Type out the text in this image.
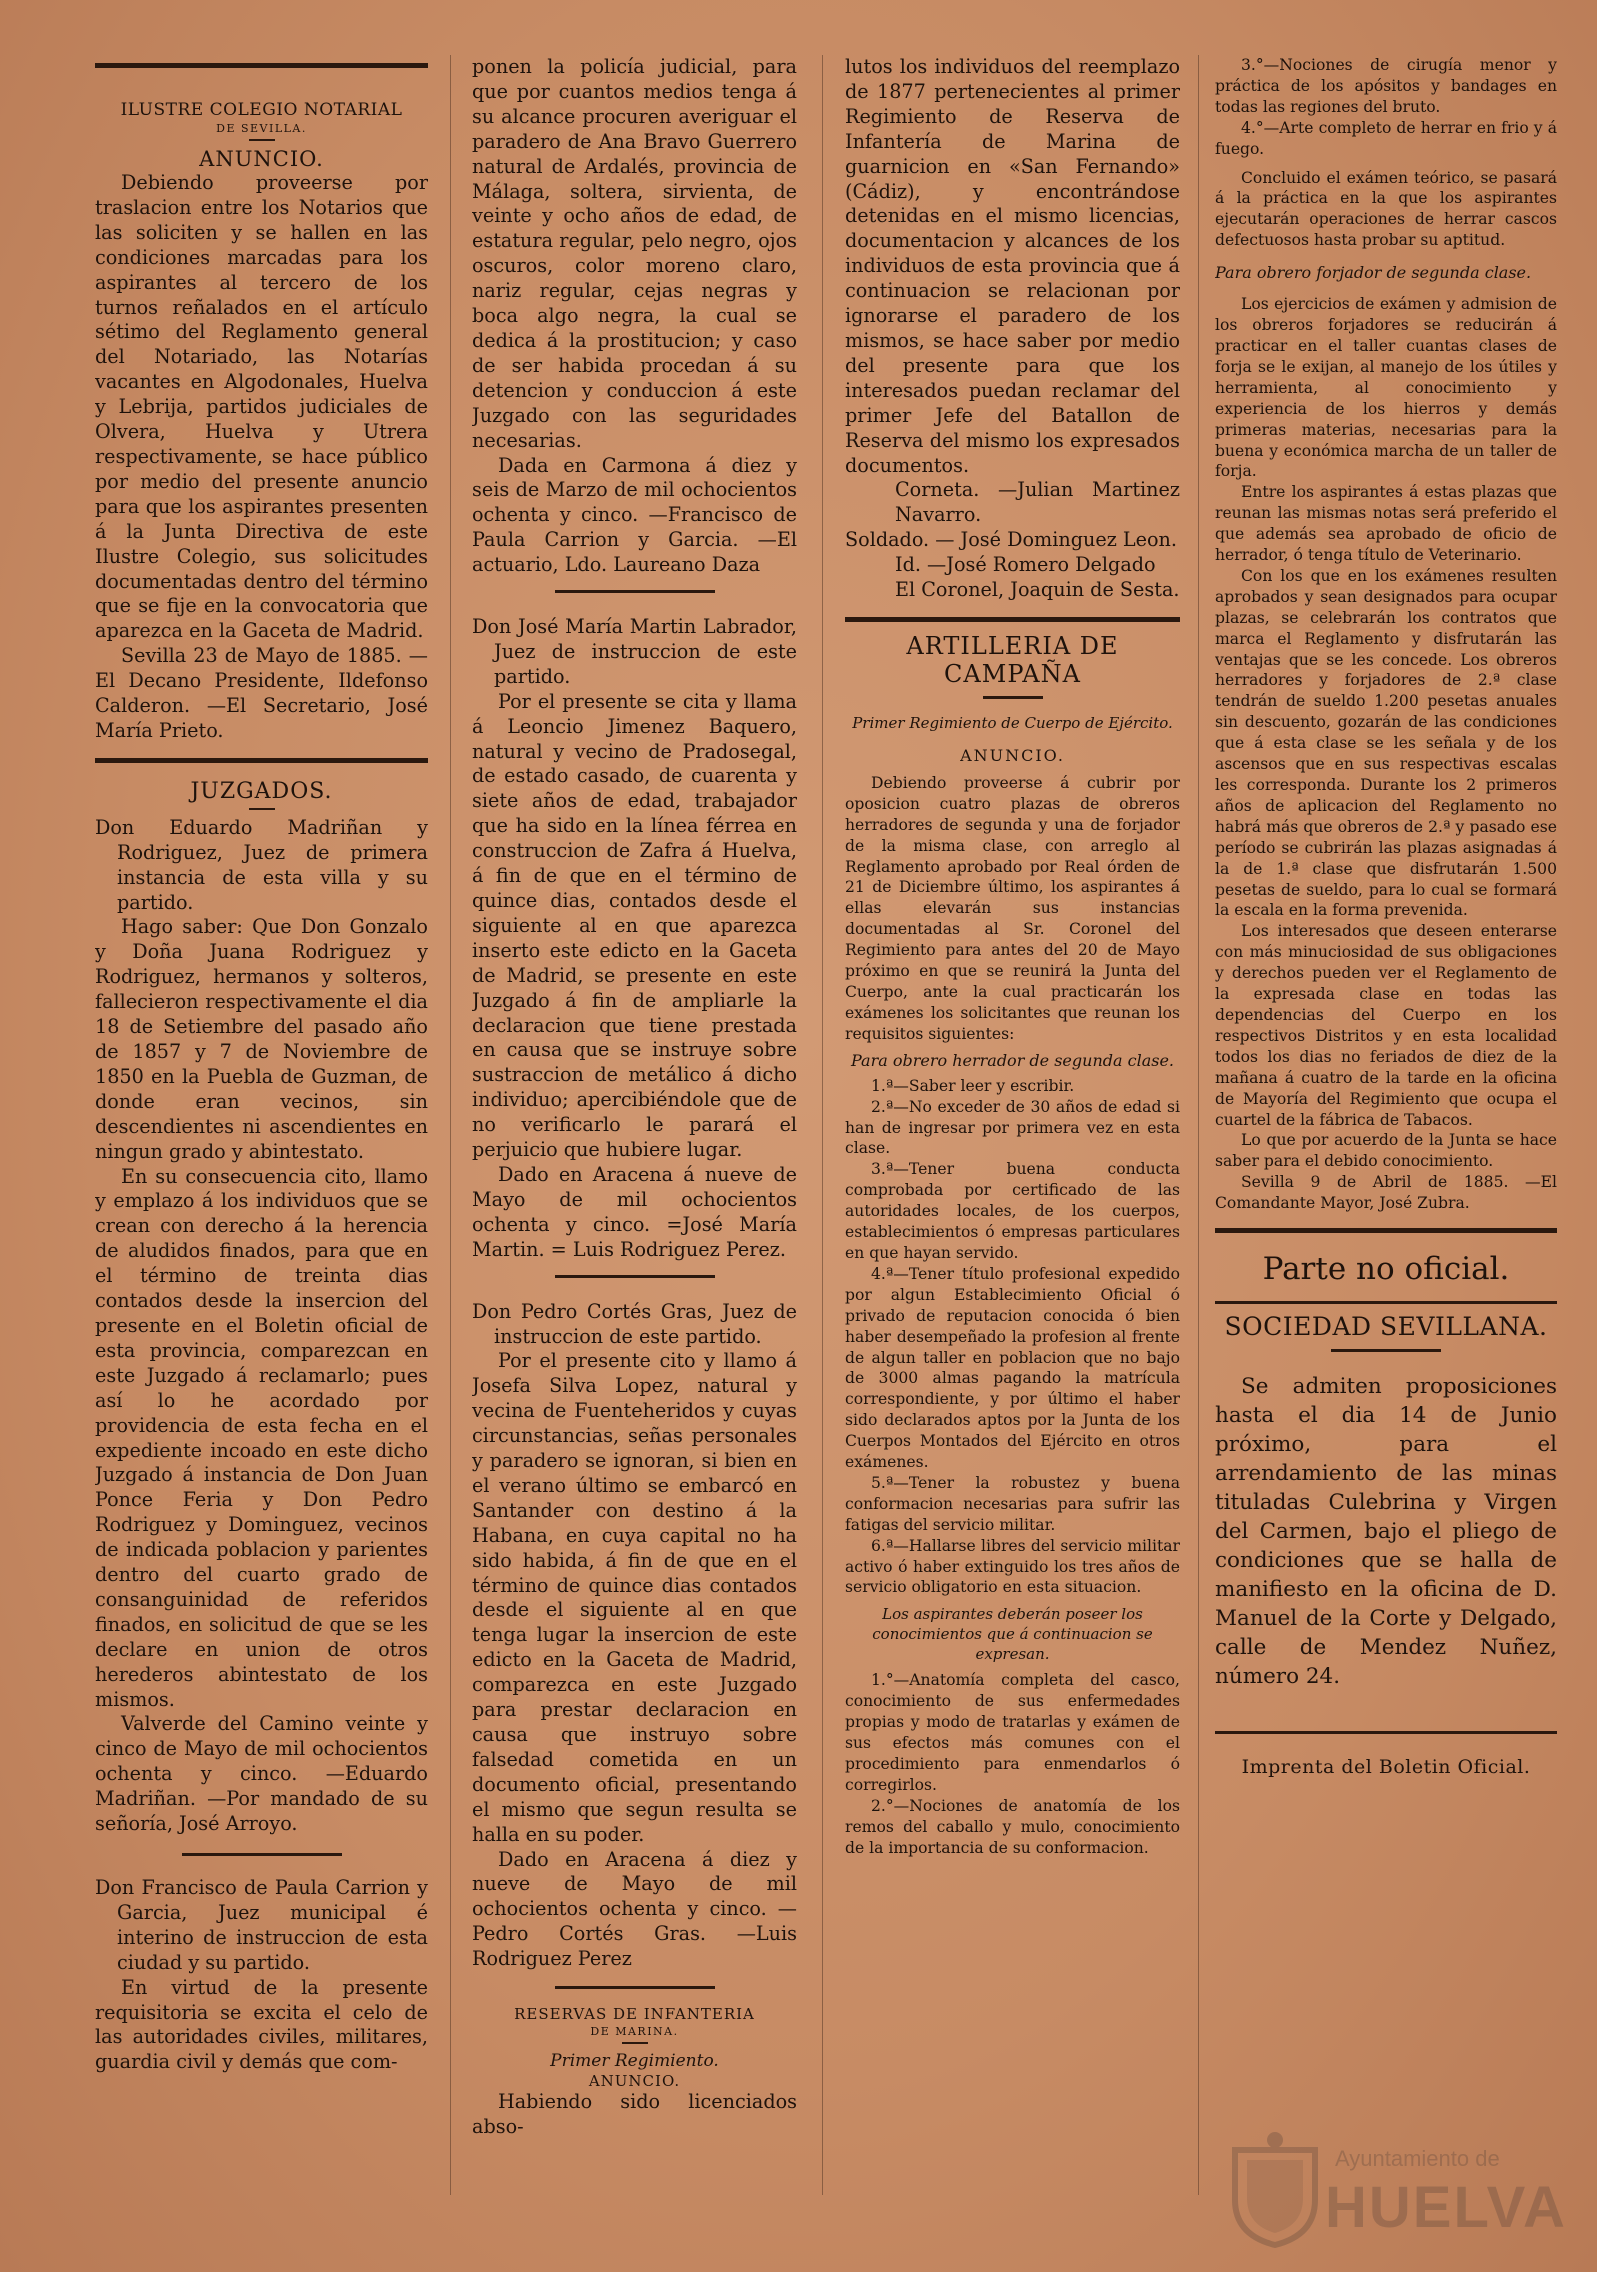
ILUSTRE COLEGIO NOTARIAL
DE SEVILLA.
ANUNCIO.

Debiendo proveerse por traslacion entre los Notarios que las soliciten y se hallen en las condiciones marcadas para los aspirantes al tercero de los turnos reñalados en el artículo sétimo del Reglamento general del Notariado, las Notarías vacantes en Algodonales, Huelva y Lebrija, partidos judiciales de Olvera, Huelva y Utrera respectivamente, se hace público por medio del presente anuncio para que los aspirantes presenten á la Junta Directiva de este Ilustre Colegio, sus solicitudes documentadas dentro del término que se fije en la convocatoria que aparezca en la Gaceta de Madrid.

Sevilla 23 de Mayo de 1885. —El Decano Presidente, Ildefonso Calderon. —El Secretario, José María Prieto.

JUZGADOS.

Don Eduardo Madriñan y Rodriguez, Juez de primera instancia de esta villa y su partido.

Hago saber: Que Don Gonzalo y Doña Juana Rodriguez y Rodriguez, hermanos y solteros, fallecieron respectivamente el dia 18 de Setiembre del pasado año de 1857 y 7 de Noviembre de 1850 en la Puebla de Guzman, de donde eran vecinos, sin descendientes ni ascendientes en ningun grado y abintestato.

En su consecuencia cito, llamo y emplazo á los individuos que se crean con derecho á la herencia de aludidos finados, para que en el término de treinta dias contados desde la insercion del presente en el Boletin oficial de esta provincia, comparezcan en este Juzgado á reclamarlo; pues así lo he acordado por providencia de esta fecha en el expediente incoado en este dicho Juzgado á instancia de Don Juan Ponce Feria y Don Pedro Rodriguez y Dominguez, vecinos de indicada poblacion y parientes dentro del cuarto grado de consanguinidad de referidos finados, en solicitud de que se les declare en union de otros herederos abintestato de los mismos.

Valverde del Camino veinte y cinco de Mayo de mil ochocientos ochenta y cinco. —Eduardo Madriñan. —Por mandado de su señoría, José Arroyo.

Don Francisco de Paula Carrion y Garcia, Juez municipal é interino de instruccion de esta ciudad y su partido.

En virtud de la presente requisitoria se excita el celo de las autoridades civiles, militares, guardia civil y demás que com-

ponen la policía judicial, para que por cuantos medios tenga á su alcance procuren averiguar el paradero de Ana Bravo Guerrero natural de Ardalés, provincia de Málaga, soltera, sirvienta, de veinte y ocho años de edad, de estatura regular, pelo negro, ojos oscuros, color moreno claro, nariz regular, cejas negras y boca algo negra, la cual se dedica á la prostitucion; y caso de ser habida procedan á su detencion y conduccion á este Juzgado con las seguridades necesarias.

Dada en Carmona á diez y seis de Marzo de mil ochocientos ochenta y cinco. —Francisco de Paula Carrion y Garcia. —El actuario, Ldo. Laureano Daza

Don José María Martin Labrador, Juez de instruccion de este partido.

Por el presente se cita y llama á Leoncio Jimenez Baquero, natural y vecino de Pradosegal, de estado casado, de cuarenta y siete años de edad, trabajador que ha sido en la línea férrea en construccion de Zafra á Huelva, á fin de que en el término de quince dias, contados desde el siguiente al en que aparezca inserto este edicto en la Gaceta de Madrid, se presente en este Juzgado á fin de ampliarle la declaracion que tiene prestada en causa que se instruye sobre sustraccion de metálico á dicho individuo; apercibiéndole que de no verificarlo le parará el perjuicio que hubiere lugar.

Dado en Aracena á nueve de Mayo de mil ochocientos ochenta y cinco. =José María Martin. = Luis Rodriguez Perez.

Don Pedro Cortés Gras, Juez de instruccion de este partido.

Por el presente cito y llamo á Josefa Silva Lopez, natural y vecina de Fuenteheridos y cuyas circunstancias, señas personales y paradero se ignoran, si bien en el verano último se embarcó en Santander con destino á la Habana, en cuya capital no ha sido habida, á fin de que en el término de quince dias contados desde el siguiente al en que tenga lugar la insercion de este edicto en la Gaceta de Madrid, comparezca en este Juzgado para prestar declaracion en causa que instruyo sobre falsedad cometida en un documento oficial, presentando el mismo que segun resulta se halla en su poder.

Dado en Aracena á diez y nueve de Mayo de mil ochocientos ochenta y cinco. —Pedro Cortés Gras. —Luis Rodriguez Perez

RESERVAS DE INFANTERIA
DE MARINA.
Primer Regimiento.
ANUNCIO.

Habiendo sido licenciados abso-

lutos los individuos del reemplazo de 1877 pertenecientes al primer Regimiento de Reserva de Infantería de Marina de guarnicion en «San Fernando» (Cádiz), y encontrándose detenidas en el mismo licencias, documentacion y alcances de los individuos de esta provincia que á continuacion se relacionan por ignorarse el paradero de los mismos, se hace saber por medio del presente para que los interesados puedan reclamar del primer Jefe del Batallon de Reserva del mismo los expresados documentos.

Corneta. —Julian Martinez Navarro.

Soldado. — José Dominguez Leon.

Id. —José Romero Delgado

El Coronel, Joaquin de Sesta.

ARTILLERIA DE CAMPAÑA
Primer Regimiento de Cuerpo de Ejército.
ANUNCIO.

Debiendo proveerse á cubrir por oposicion cuatro plazas de obreros herradores de segunda y una de forjador de la misma clase, con arreglo al Reglamento aprobado por Real órden de 21 de Diciembre último, los aspirantes á ellas elevarán sus instancias documentadas al Sr. Coronel del Regimiento para antes del 20 de Mayo próximo en que se reunirá la Junta del Cuerpo, ante la cual practicarán los exámenes los solicitantes que reunan los requisitos siguientes:

Para obrero herrador de segunda clase.

1.ª—Saber leer y escribir.

2.ª—No exceder de 30 años de edad si han de ingresar por primera vez en esta clase.

3.ª—Tener buena conducta comprobada por certificado de las autoridades locales, de los cuerpos, establecimientos ó empresas particulares en que hayan servido.

4.ª—Tener título profesional expedido por algun Establecimiento Oficial ó privado de reputacion conocida ó bien haber desempeñado la profesion al frente de algun taller en poblacion que no bajo de 3000 almas pagando la matrícula correspondiente, y por último el haber sido declarados aptos por la Junta de los Cuerpos Montados del Ejército en otros exámenes.

5.ª—Tener la robustez y buena conformacion necesarias para sufrir las fatigas del servicio militar.

6.ª—Hallarse libres del servicio militar activo ó haber extinguido los tres años de servicio obligatorio en esta situacion.

Los aspirantes deberán poseer los conocimientos que á continuacion se expresan.

1.°—Anatomía completa del casco, conocimiento de sus enfermedades propias y modo de tratarlas y exámen de sus efectos más comunes con el procedimiento para enmendarlos ó corregirlos.

2.°—Nociones de anatomía de los remos del caballo y mulo, conocimiento de la importancia de su conformacion.

3.°—Nociones de cirugía menor y práctica de los apósitos y bandages en todas las regiones del bruto.

4.°—Arte completo de herrar en frio y á fuego.

Concluido el exámen teórico, se pasará á la práctica en la que los aspirantes ejecutarán operaciones de herrar cascos defectuosos hasta probar su aptitud.

Para obrero forjador de segunda clase.

Los ejercicios de exámen y admision de los obreros forjadores se reducirán á practicar en el taller cuantas clases de forja se le exijan, al manejo de los útiles y herramienta, al conocimiento y experiencia de los hierros y demás primeras materias, necesarias para la buena y económica marcha de un taller de forja.

Entre los aspirantes á estas plazas que reunan las mismas notas será preferido el que además sea aprobado de oficio de herrador, ó tenga título de Veterinario.

Con los que en los exámenes resulten aprobados y sean designados para ocupar plazas, se celebrarán los contratos que marca el Reglamento y disfrutarán las ventajas que se les concede. Los obreros herradores y forjadores de 2.ª clase tendrán de sueldo 1.200 pesetas anuales sin descuento, gozarán de las condiciones que á esta clase se les señala y de los ascensos que en sus respectivas escalas les corresponda. Durante los 2 primeros años de aplicacion del Reglamento no habrá más que obreros de 2.ª y pasado ese período se cubrirán las plazas asignadas á la de 1.ª clase que disfrutarán 1.500 pesetas de sueldo, para lo cual se formará la escala en la forma prevenida.

Los interesados que deseen enterarse con más minuciosidad de sus obligaciones y derechos pueden ver el Reglamento de la expresada clase en todas las dependencias del Cuerpo en los respectivos Distritos y en esta localidad todos los dias no feriados de diez de la mañana á cuatro de la tarde en la oficina de Mayoría del Regimiento que ocupa el cuartel de la fábrica de Tabacos.

Lo que por acuerdo de la Junta se hace saber para el debido conocimiento.

Sevilla 9 de Abril de 1885. —El Comandante Mayor, José Zubra.

Parte no oficial.
SOCIEDAD SEVILLANA.

Se admiten proposiciones hasta el dia 14 de Junio próximo, para el arrendamiento de las minas tituladas Culebrina y Virgen del Carmen, bajo el pliego de condiciones que se halla de manifiesto en la oficina de D. Manuel de la Corte y Delgado, calle de Mendez Nuñez, número 24.

Imprenta del Boletin Oficial.
Ayuntamiento de
HUELVA
